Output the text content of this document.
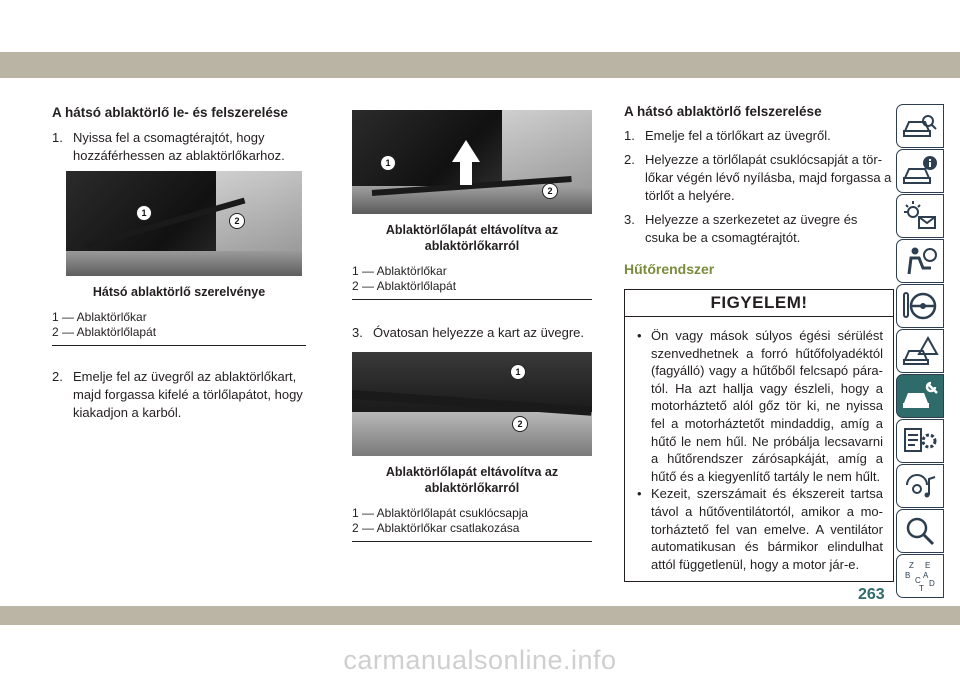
A hátsó ablaktörlő le- és felszerelése
1. Nyissa fel a csomagtérajtót, hogy hozzáférhessen az ablaktörlőkarhoz.
1
2
Hátsó ablaktörlő szerelvénye

1 — Ablaktörlőkar

2 — Ablaktörlőlapát

2. Emelje fel az üvegről az ablaktörlőkart, majd forgassa kifelé a törlőlapátot, hogy kiakadjon a karból.
1
2
Ablaktörlőlapát eltávolítva az ablaktörlőkarról

1 — Ablaktörlőkar

2 — Ablaktörlőlapát

3. Óvatosan helyezze a kart az üvegre.
1
2
Ablaktörlőlapát eltávolítva az ablaktörlőkarról

1 — Ablaktörlőlapát csuklócsapja

2 — Ablaktörlőkar csatlakozása

A hátsó ablaktörlő felszerelése
1. Emelje fel a törlőkart az üvegről.
2. Helyezze a törlőlapát csuklócsapját a törlőkar végén lévő nyílásba, majd forgassa a törlőt a helyére.
3. Helyezze a szerkezetet az üvegre és csuka be a csomagtérajtót.
Hűtőrendszer
FIGYELEM!
• Ön vagy mások súlyos égési sérülést szenvedhetnek a forró hűtőfolyadéktól (fagyálló) vagy a hűtőből felcsapó páratól. Ha azt hallja vagy észleli, hogy a motorháztető alól gőz tör ki, ne nyissa fel a motorháztetőt mindaddig, amíg a hűtő le nem hűl. Ne próbálja lecsavarni a hűtőrendszer zárósapkáját, amíg a hűtő és a kiegyenlítő tartály le nem hűlt.
• Kezeit, szerszámait és ékszereit tartsa távol a hűtőventilátortól, amikor a motorháztető fel van emelve. A ventilátor automatikusan és bármikor elindulhat attól függetlenül, hogy a motor jár-e.	Z E
B A
C D
T
263
carmanualsonline.info
